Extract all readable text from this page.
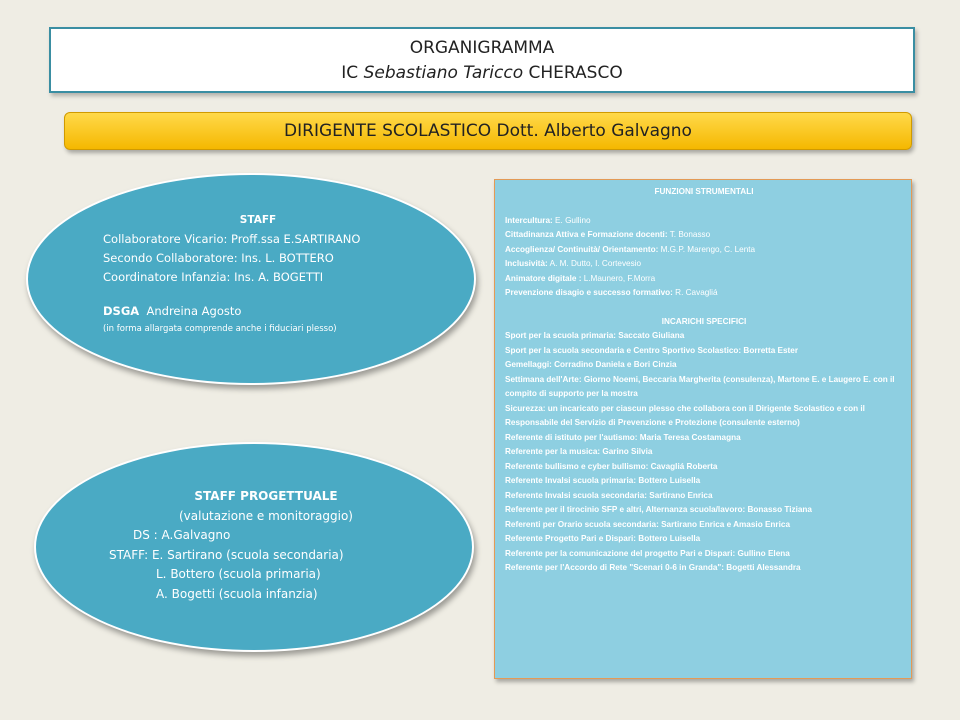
ORGANIGRAMMA
IC Sebastiano Taricco CHERASCO
DIRIGENTE SCOLASTICO Dott. Alberto Galvagno
STAFF
Collaboratore Vicario: Proff.ssa E.SARTIRANO
Secondo Collaboratore: Ins. L. BOTTERO
Coordinatore Infanzia: Ins. A. BOGETTI
DSGA  Andreina Agosto
(in forma allargata comprende anche i fiduciari plesso)
STAFF PROGETTUALE
(valutazione e monitoraggio)
DS : A.Galvagno
STAFF: E. Sartirano (scuola secondaria)
L. Bottero (scuola primaria)
A. Bogetti (scuola infanzia)
FUNZIONI STRUMENTALI
Intercultura: E. Gullino
Cittadinanza Attiva e Formazione docenti: T. Bonasso
Accoglienza/ Continuità/ Orientamento: M.G.P. Marengo, C. Lenta
Inclusività: A. M. Dutto, I. Cortevesio
Animatore digitale : L.Maunero, F.Morra
Prevenzione disagio e successo formativo: R. Cavagliá
INCARICHI SPECIFICI
Sport per la scuola primaria: Saccato Giuliana
Sport per la scuola secondaria e Centro Sportivo Scolastico: Borretta Ester
Gemellaggi: Corradino Daniela e Bori Cinzia
Settimana dell'Arte: Giorno Noemi, Beccaria Margherita (consulenza), Martone E. e Laugero E. con il compito di supporto per la mostra
Sicurezza: un incaricato per ciascun plesso che collabora con il Dirigente Scolastico e con il Responsabile del Servizio di Prevenzione e Protezione (consulente esterno)
Referente di istituto per l'autismo: Maria Teresa Costamagna
Referente per la musica: Garino Silvia
Referente bullismo e cyber bullismo: Cavagliá Roberta
Referente Invalsi scuola primaria: Bottero Luisella
Referente Invalsi scuola secondaria: Sartirano Enrica
Referente per il tirocinio SFP e altri, Alternanza scuola/lavoro: Bonasso Tiziana
Referenti per Orario scuola secondaria: Sartirano Enrica e Amasio Enrica
Referente Progetto Pari e Dispari: Bottero Luisella
Referente per la comunicazione del progetto Pari e Dispari: Gullino Elena
Referente per l'Accordo di Rete "Scenari 0-6 in Granda": Bogetti Alessandra
